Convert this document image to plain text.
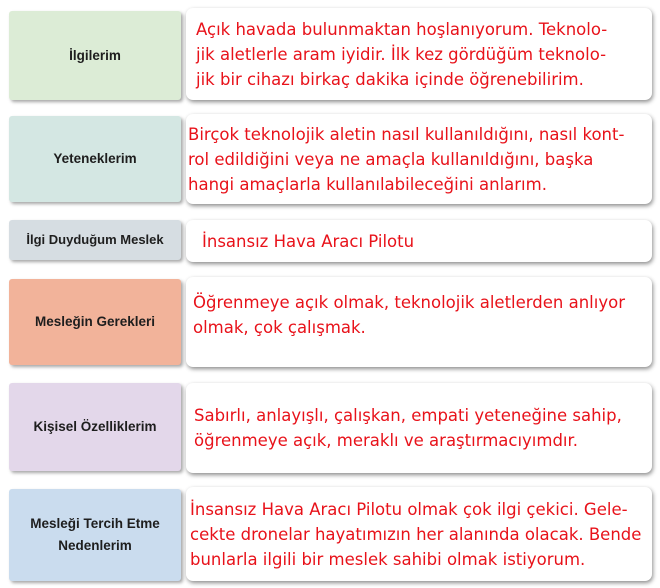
İlgilerim
Açık havada bulunmaktan hoşlanıyorum. Teknolo-
jik aletlerle aram iyidir. İlk kez gördüğüm teknolo-
jik bir cihazı birkaç dakika içinde öğrenebilirim.
Yeteneklerim
Birçok teknolojik aletin nasıl kullanıldığını, nasıl kont-
rol edildiğini veya ne amaçla kullanıldığını, başka
hangi amaçlarla kullanılabileceğini anlarım.
İlgi Duyduğum Meslek	İnsansız Hava Aracı Pilotu
Mesleğin Gerekleri
Öğrenmeye açık olmak, teknolojik aletlerden anlıyor
olmak, çok çalışmak.
Kişisel Özelliklerim
Sabırlı, anlayışlı, çalışkan, empati yeteneğine sahip,
öğrenmeye açık, meraklı ve araştırmacıyımdır.
Mesleği Tercih Etme
Nedenlerim
İnsansız Hava Aracı Pilotu olmak çok ilgi çekici. Gele-
cekte dronelar hayatımızın her alanında olacak. Bende
bunlarla ilgili bir meslek sahibi olmak istiyorum.
